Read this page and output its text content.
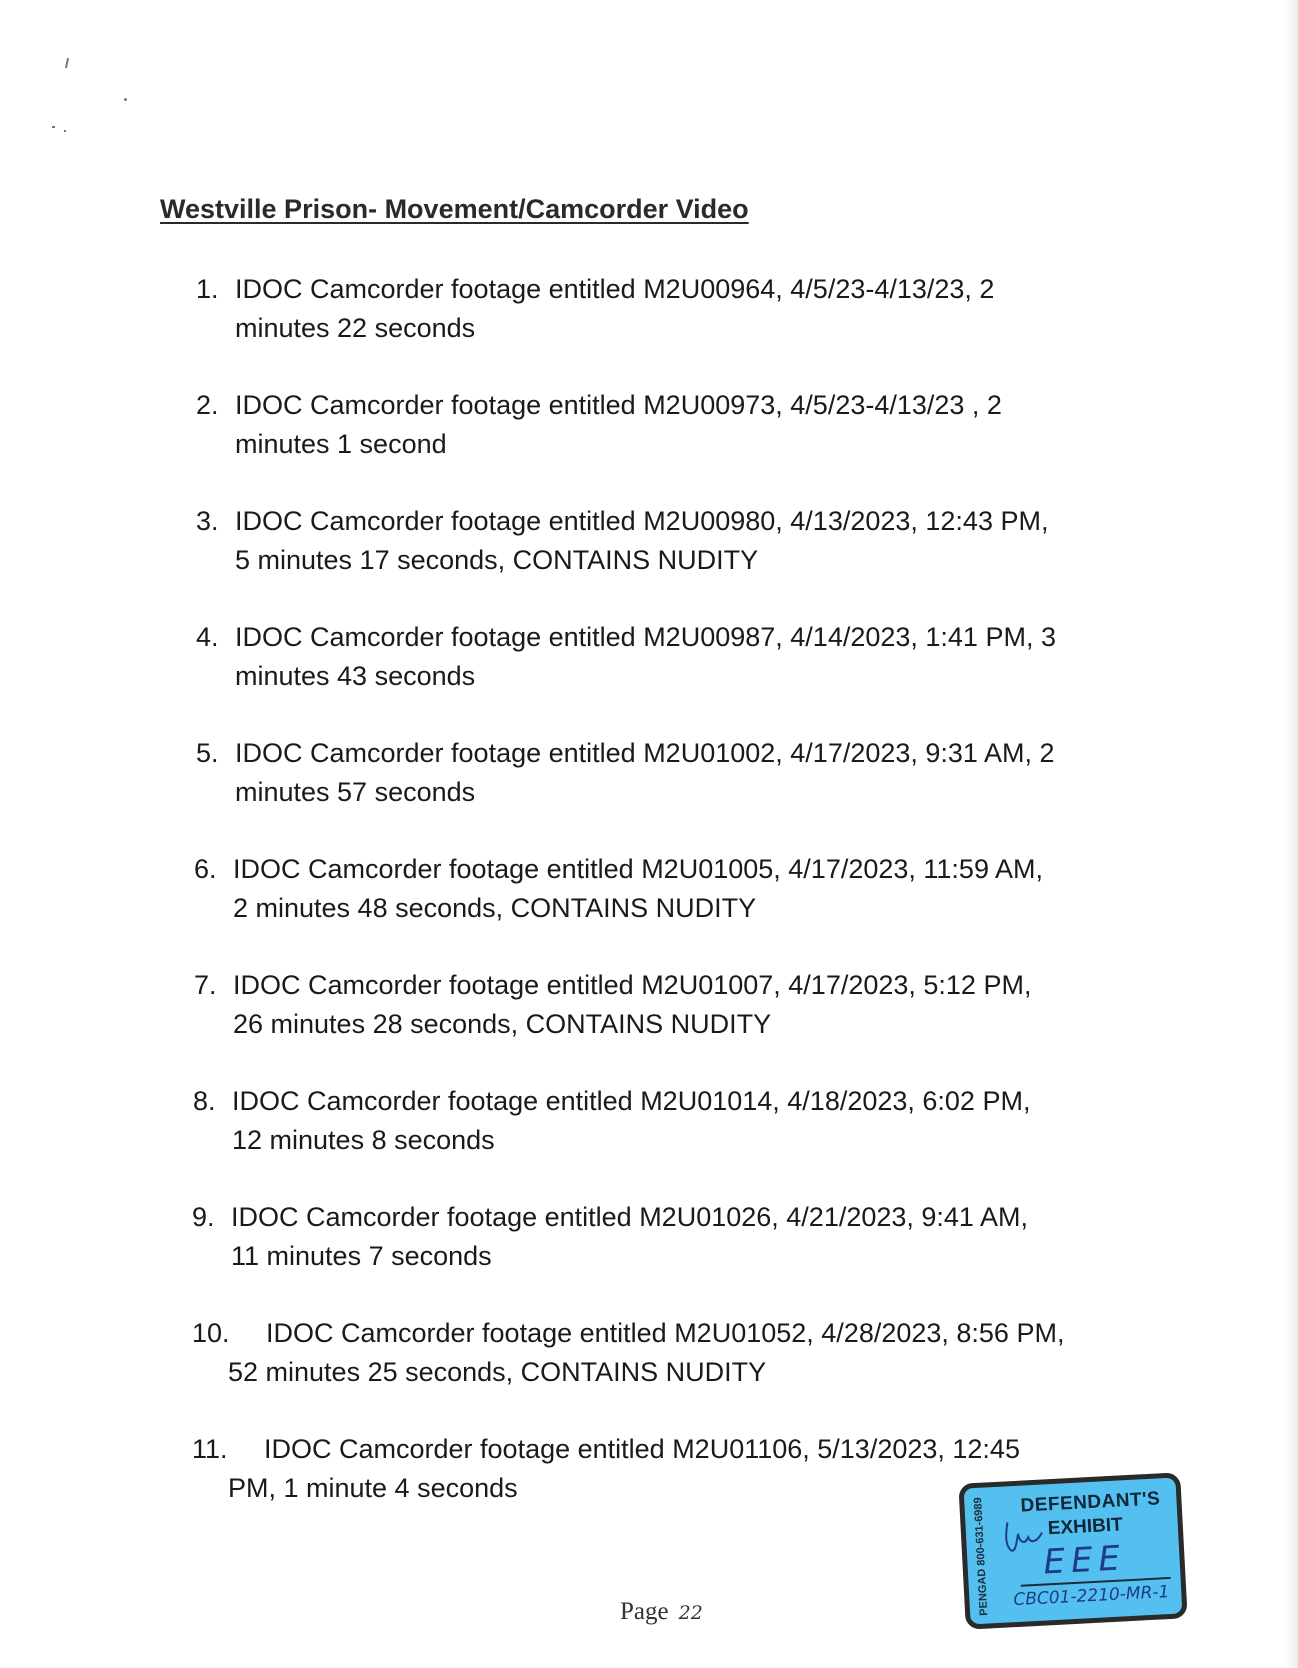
Westville Prison- Movement/Camcorder Video
1. IDOC Camcorder footage entitled M2U00964, 4/5/23-4/13/23, 2
minutes 22 seconds
2. IDOC Camcorder footage entitled M2U00973, 4/5/23-4/13/23 , 2
minutes 1 second
3. IDOC Camcorder footage entitled M2U00980, 4/13/2023, 12:43 PM,
5 minutes 17 seconds, CONTAINS NUDITY
4. IDOC Camcorder footage entitled M2U00987, 4/14/2023, 1:41 PM, 3
minutes 43 seconds
5. IDOC Camcorder footage entitled M2U01002, 4/17/2023, 9:31 AM, 2
minutes 57 seconds
6. IDOC Camcorder footage entitled M2U01005, 4/17/2023, 11:59 AM,
2 minutes 48 seconds, CONTAINS NUDITY
7. IDOC Camcorder footage entitled M2U01007, 4/17/2023, 5:12 PM,
26 minutes 28 seconds, CONTAINS NUDITY
8. IDOC Camcorder footage entitled M2U01014, 4/18/2023, 6:02 PM,
12 minutes 8 seconds
9. IDOC Camcorder footage entitled M2U01026, 4/21/2023, 9:41 AM,
11 minutes 7 seconds
10. IDOC Camcorder footage entitled M2U01052, 4/28/2023, 8:56 PM,
52 minutes 25 seconds, CONTAINS NUDITY
11. IDOC Camcorder footage entitled M2U01106, 5/13/2023, 12:45
PM, 1 minute 4 seconds
Page 22	PENGAD 800-631-6989 DEFENDANT'S
EXHIBIT
EEE
CBC01-2210-MR-1
